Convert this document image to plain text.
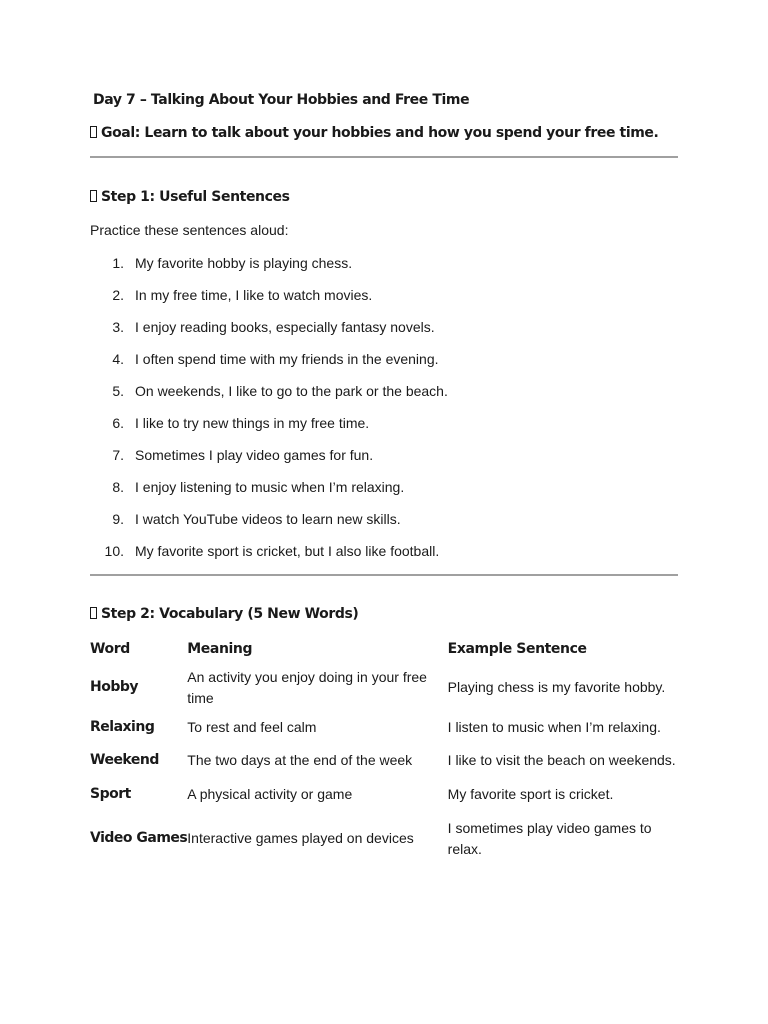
Day 7 – Talking About Your Hobbies and Free Time
Goal: Learn to talk about your hobbies and how you spend your free time.
Step 1: Useful Sentences
Practice these sentences aloud:
1. My favorite hobby is playing chess.
2. In my free time, I like to watch movies.
3. I enjoy reading books, especially fantasy novels.
4. I often spend time with my friends in the evening.
5. On weekends, I like to go to the park or the beach.
6. I like to try new things in my free time.
7. Sometimes I play video games for fun.
8. I enjoy listening to music when I’m relaxing.
9. I watch YouTube videos to learn new skills.
10. My favorite sport is cricket, but I also like football.
Step 2: Vocabulary (5 New Words)
Word	Meaning	Example Sentence
Hobby	An activity you enjoy doing in your free time	Playing chess is my favorite hobby.
Relaxing	To rest and feel calm	I listen to music when I’m relaxing.
Weekend	The two days at the end of the week	I like to visit the beach on weekends.
Sport	A physical activity or game	My favorite sport is cricket.
Video Games	Interactive games played on devices	I sometimes play video games to relax.
